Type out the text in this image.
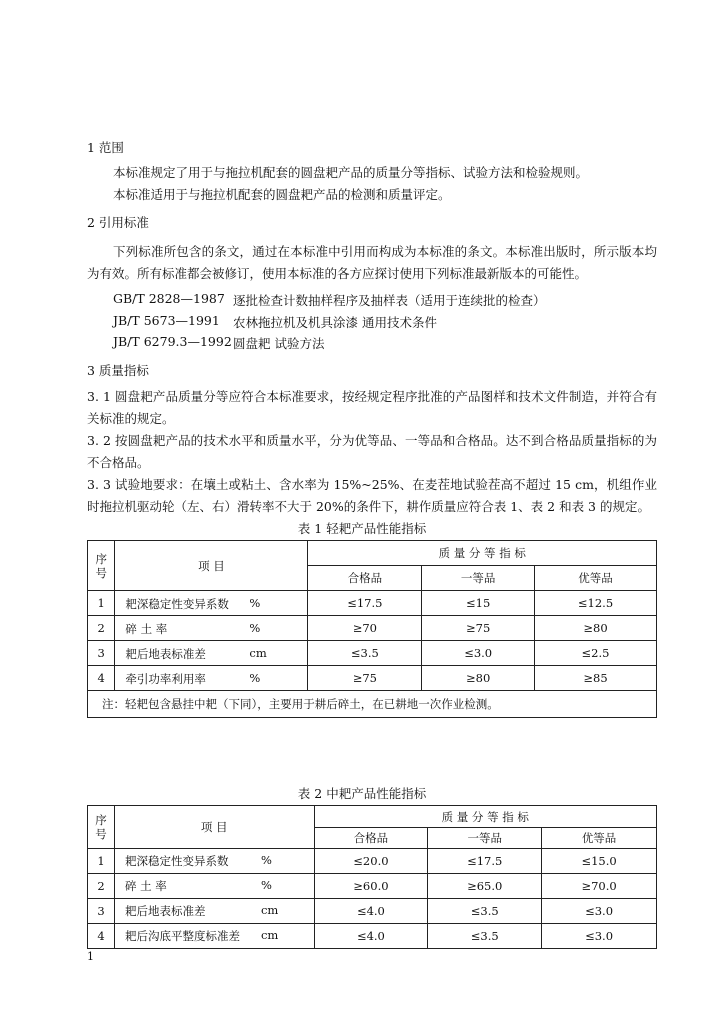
1 范围
本标准规定了用于与拖拉机配套的圆盘耙产品的质量分等指标、试验方法和检验规则。
本标准适用于与拖拉机配套的圆盘耙产品的检测和质量评定。
2 引用标准
下列标准所包含的条文，通过在本标准中引用而构成为本标准的条文。本标准出版时，所示版本均为有效。所有标准都会被修订，使用本标准的各方应探讨使用下列标准最新版本的可能性。
GB/T 2828—1987 逐批检查计数抽样程序及抽样表（适用于连续批的检查）
JB/T 5673—1991 农林拖拉机及机具涂漆 通用技术条件
JB/T 6279.3—1992 圆盘耙 试验方法
3 质量指标
3. 1 圆盘耙产品质量分等应符合本标准要求，按经规定程序批准的产品图样和技术文件制造，并符合有关标准的规定。
3. 2 按圆盘耙产品的技术水平和质量水平，分为优等品、一等品和合格品。达不到合格品质量指标的为不合格品。
3. 3 试验地要求：在壤土或粘土、含水率为 15%~25%、在麦茬地试验茬高不超过 15 cm，机组作业时拖拉机驱动轮（左、右）滑转率不大于 20%的条件下，耕作质量应符合表 1、表 2 和表 3 的规定。
表 1 轻耙产品性能指标
序
号	项 目	质 量 分 等 指 标		
		合格品	一等品	优等品
1	耙深稳定性变异系数 %	≤17.5	≤15	≤12.5
2	碎 土 率 %	≥70	≥75	≥80
3	耙后地表标准差 cm	≤3.5	≤3.0	≤2.5
4	牵引功率利用率 %	≥75	≥80	≥85
注：轻耙包含悬挂中耙（下同），主要用于耕后碎土，在已耕地一次作业检测。				
表 2 中耙产品性能指标
序
号	项 目	质 量 分 等 指 标		
		合格品	一等品	优等品
1	耙深稳定性变异系数 %	≤20.0	≤17.5	≤15.0
2	碎 土 率 %	≥60.0	≥65.0	≥70.0
3	耙后地表标准差 cm	≤4.0	≤3.5	≤3.0
4	耙后沟底平整度标准差 cm	≤4.0	≤3.5	≤3.0
1
